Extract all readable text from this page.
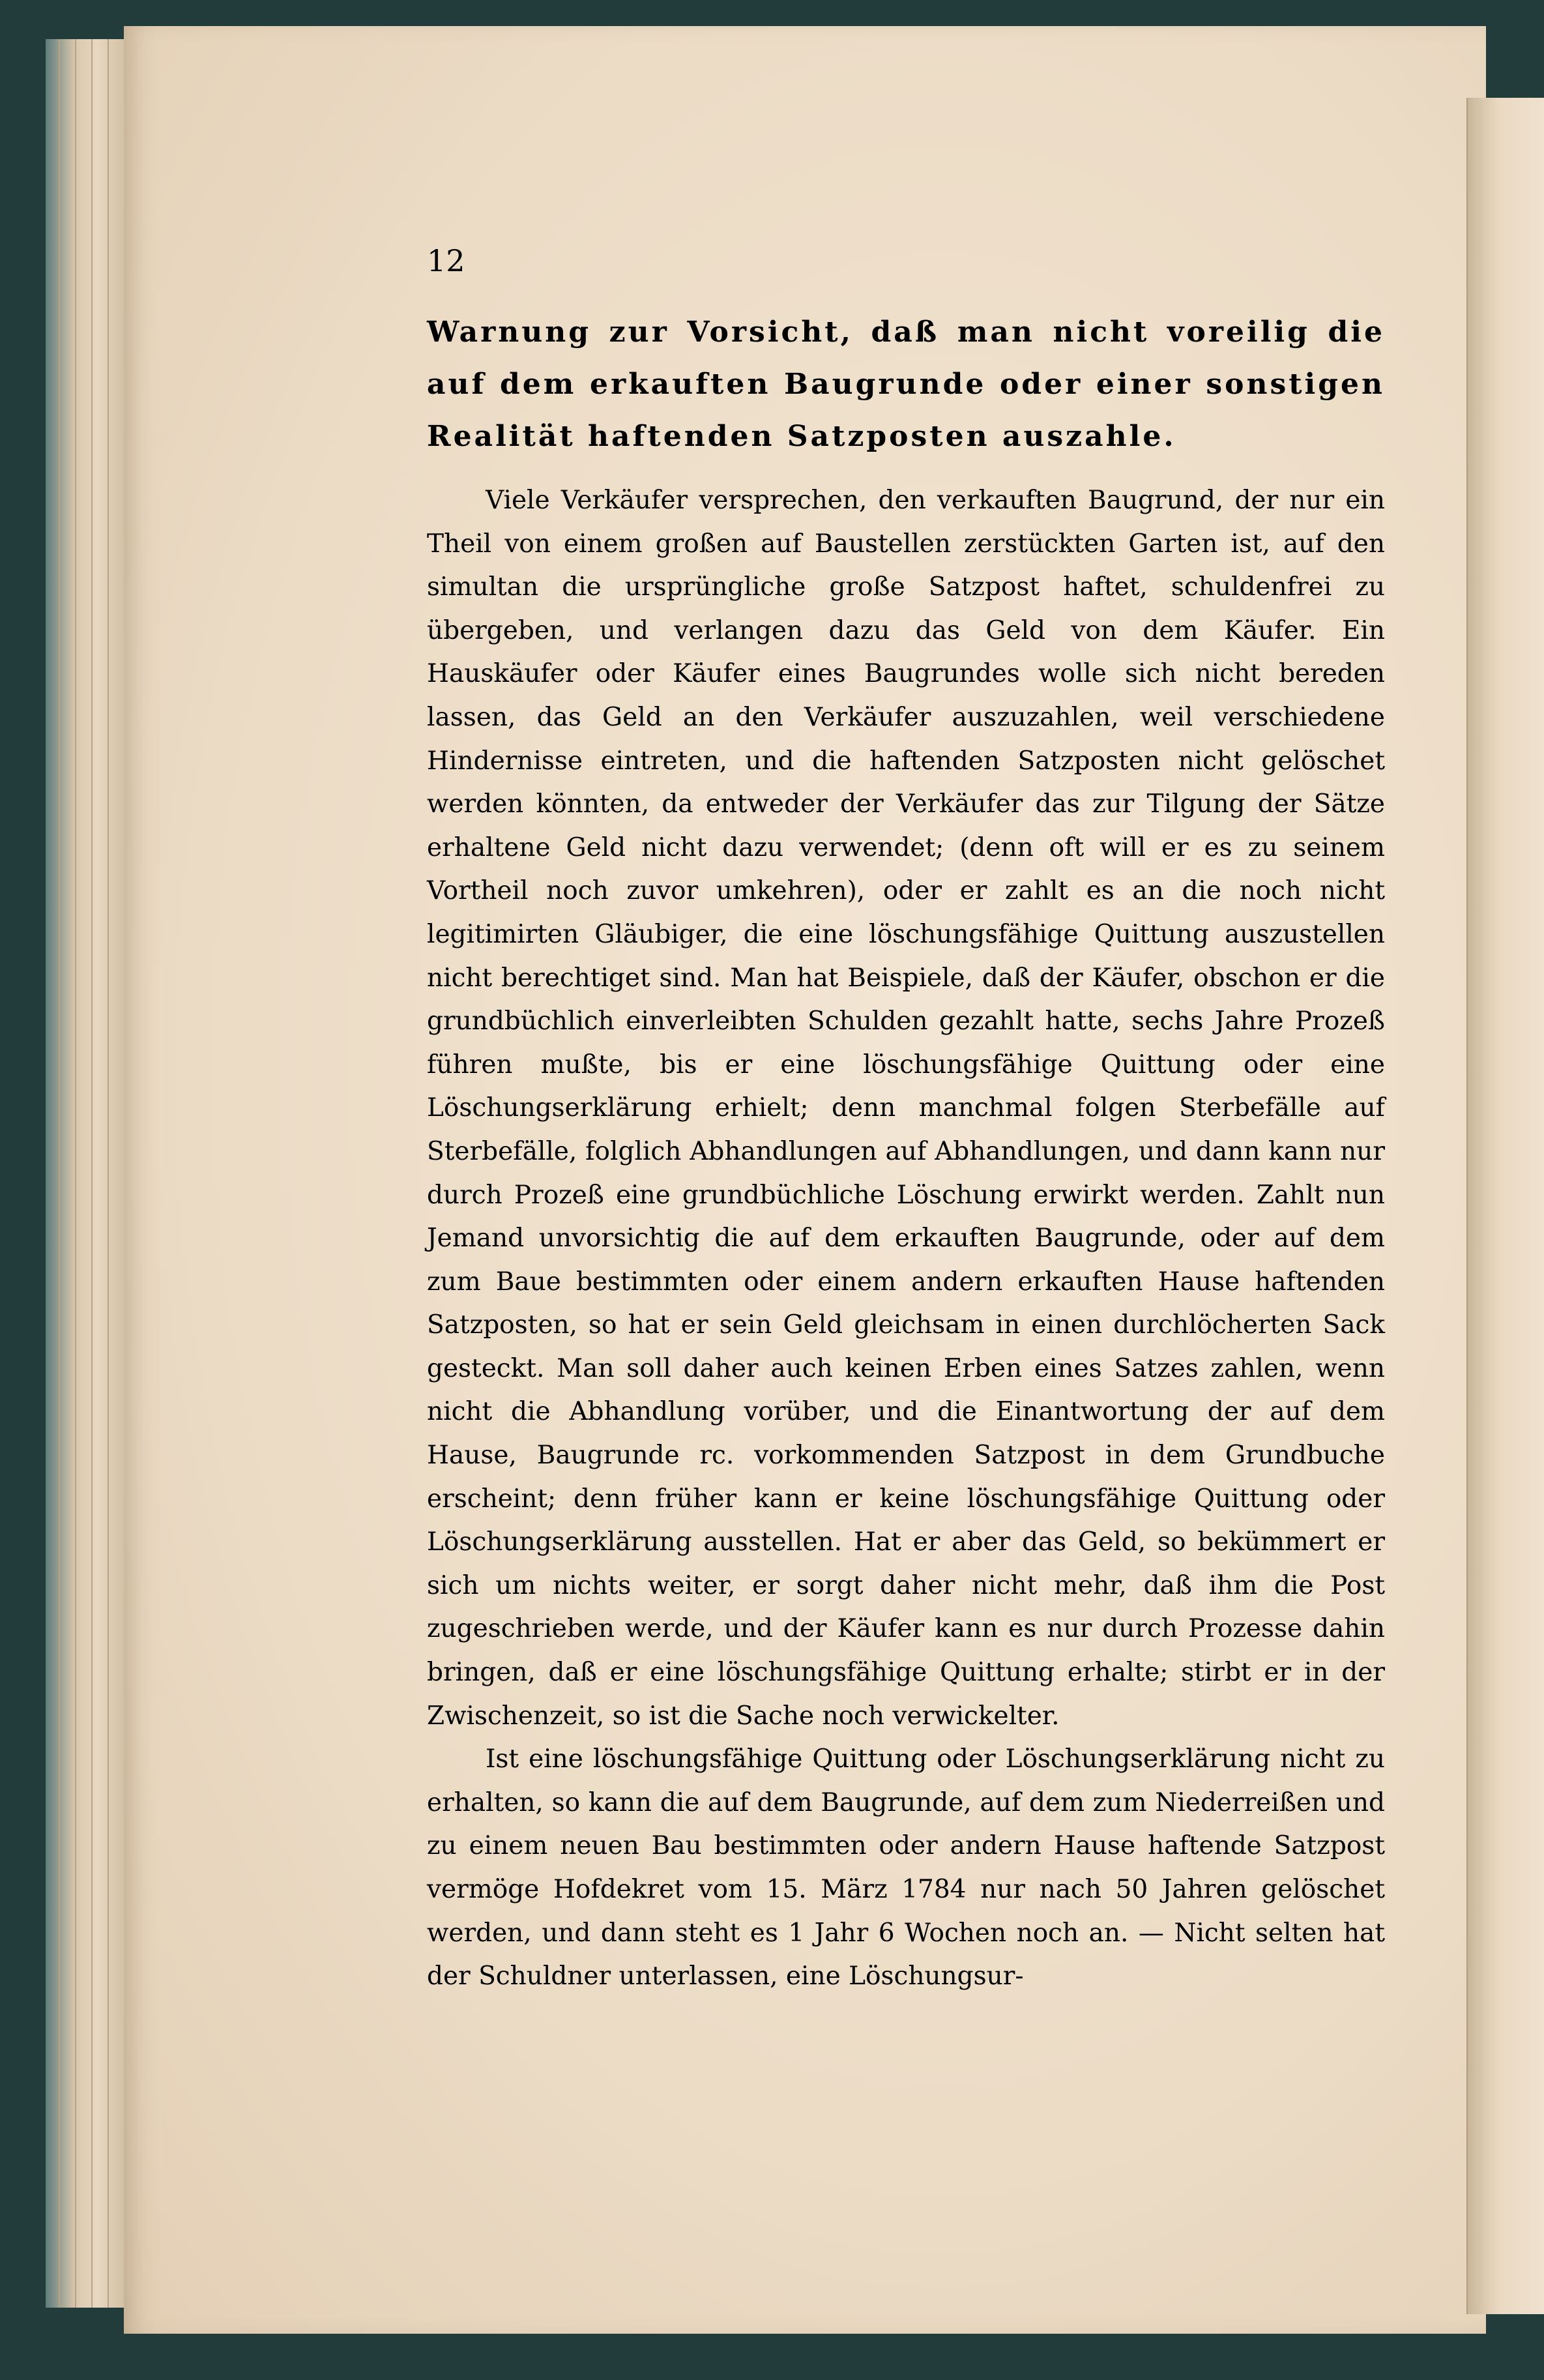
12
Warnung zur Vorsicht, daß man nicht voreilig die auf dem erkauften Baugrunde oder einer sonstigen Realität haftenden Satzposten auszahle.

Viele Verkäufer versprechen, den verkauften Baugrund, der nur ein Theil von einem großen auf Baustellen zerstückten Garten ist, auf den simultan die ursprüngliche große Satzpost haftet, schuldenfrei zu übergeben, und verlangen dazu das Geld von dem Käufer. Ein Hauskäufer oder Käufer eines Baugrundes wolle sich nicht bereden lassen, das Geld an den Verkäufer auszuzahlen, weil verschiedene Hindernisse eintreten, und die haftenden Satzposten nicht gelöschet werden könnten, da entweder der Verkäufer das zur Tilgung der Sätze erhaltene Geld nicht dazu verwendet; (denn oft will er es zu seinem Vortheil noch zuvor umkehren), oder er zahlt es an die noch nicht legitimirten Gläubiger, die eine löschungsfähige Quittung auszustellen nicht berechtiget sind. Man hat Beispiele, daß der Käufer, obschon er die grundbüchlich einverleibten Schulden gezahlt hatte, sechs Jahre Prozeß führen mußte, bis er eine löschungsfähige Quittung oder eine Löschungserklärung erhielt; denn manchmal folgen Sterbefälle auf Sterbefälle, folglich Abhandlungen auf Abhandlungen, und dann kann nur durch Prozeß eine grundbüchliche Löschung erwirkt werden. Zahlt nun Jemand unvorsichtig die auf dem erkauften Baugrunde, oder auf dem zum Baue bestimmten oder einem andern erkauften Hause haftenden Satzposten, so hat er sein Geld gleichsam in einen durchlöcherten Sack gesteckt. Man soll daher auch keinen Erben eines Satzes zahlen, wenn nicht die Abhandlung vorüber, und die Einantwortung der auf dem Hause, Baugrunde rc. vorkommenden Satzpost in dem Grundbuche erscheint; denn früher kann er keine löschungsfähige Quittung oder Löschungserklärung ausstellen. Hat er aber das Geld, so bekümmert er sich um nichts weiter, er sorgt daher nicht mehr, daß ihm die Post zugeschrieben werde, und der Käufer kann es nur durch Prozesse dahin bringen, daß er eine löschungsfähige Quittung erhalte; stirbt er in der Zwischenzeit, so ist die Sache noch verwickelter.

Ist eine löschungsfähige Quittung oder Löschungserklärung nicht zu erhalten, so kann die auf dem Baugrunde, auf dem zum Niederreißen und zu einem neuen Bau bestimmten oder andern Hause haftende Satzpost vermöge Hofdekret vom 15. März 1784 nur nach 50 Jahren gelöschet werden, und dann steht es 1 Jahr 6 Wochen noch an. — Nicht selten hat der Schuldner unterlassen, eine Löschungsur-
